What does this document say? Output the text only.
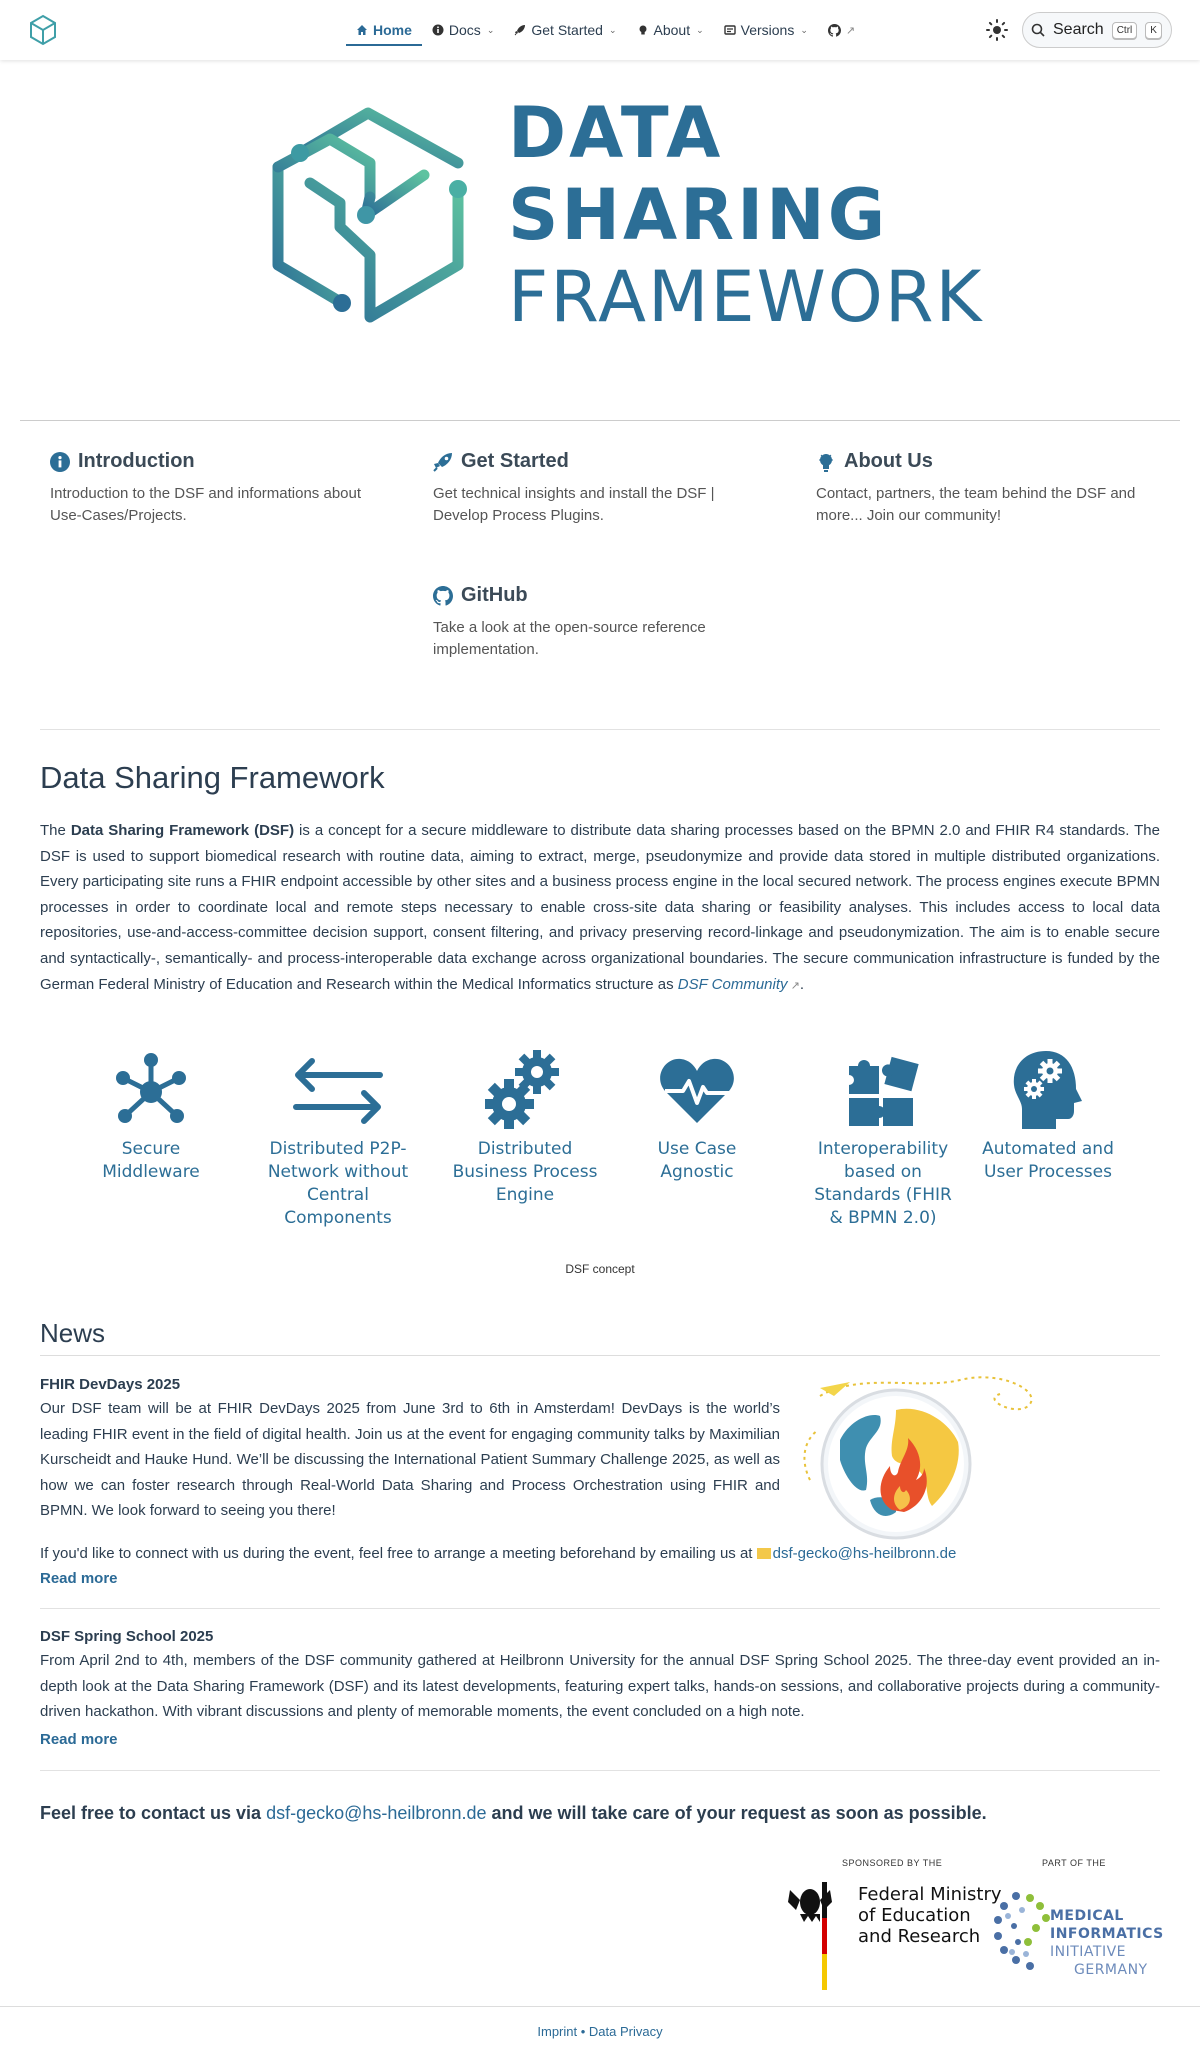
Home	Docs ⌄	Get Started ⌄	About ⌄	Versions ⌄	↗	Search	Ctrl	K
DATA
SHARING
FRAMEWORK
Introduction
Introduction to the DSF and informations about Use-Cases/Projects.
Get Started
Get technical insights and install the DSF | Develop Process Plugins.
About Us
Contact, partners, the team behind the DSF and more... Join our community!
GitHub
Take a look at the open-source reference implementation.
Data Sharing Framework

The Data Sharing Framework (DSF) is a concept for a secure middleware to distribute data sharing processes based on the BPMN 2.0 and FHIR R4 standards. The DSF is used to support biomedical research with routine data, aiming to extract, merge, pseudonymize and provide data stored in multiple distributed organizations. Every participating site runs a FHIR endpoint accessible by other sites and a business process engine in the local secured network. The process engines execute BPMN processes in order to coordinate local and remote steps necessary to enable cross-site data sharing or feasibility analyses. This includes access to local data repositories, use-and-access-committee decision support, consent filtering, and privacy preserving record-linkage and pseudonymization. The aim is to enable secure and syntactically-, semantically- and process-interoperable data exchange across organizational boundaries. The secure communication infrastructure is funded by the German Federal Ministry of Education and Research within the Medical Informatics structure as DSF Community ↗.

Secure Middleware
Distributed P2P- Network without Central Components
Distributed Business Process Engine
Use Case Agnostic
Interoperability based on Standards (FHIR & BPMN 2.0)
Automated and User Processes
DSF concept
News
FHIR DevDays 2025

Our DSF team will be at FHIR DevDays 2025 from June 3rd to 6th in Amsterdam! DevDays is the world’s leading FHIR event in the field of digital health. Join us at the event for engaging community talks by Maximilian Kurscheidt and Hauke Hund. We’ll be discussing the International Patient Summary Challenge 2025, as well as how we can foster research through Real-World Data Sharing and Process Orchestration using FHIR and BPMN. We look forward to seeing you there!

If you'd like to connect with us during the event, feel free to arrange a meeting beforehand by emailing us at dsf-gecko@hs-heilbronn.de

Read more
DSF Spring School 2025

From April 2nd to 4th, members of the DSF community gathered at Heilbronn University for the annual DSF Spring School 2025. The three-day event provided an in-depth look at the Data Sharing Framework (DSF) and its latest developments, featuring expert talks, hands-on sessions, and collaborative projects during a community-driven hackathon. With vibrant discussions and plenty of memorable moments, the event concluded on a high note.

Read more
Feel free to contact us via dsf-gecko@hs-heilbronn.de and we will take care of your request as soon as possible.
SPONSORED BY THE
Federal Ministry
of Education
and Research
PART OF THE
MEDICAL
INFORMATICS
INITIATIVE
GERMANY
Imprint • Data Privacy
